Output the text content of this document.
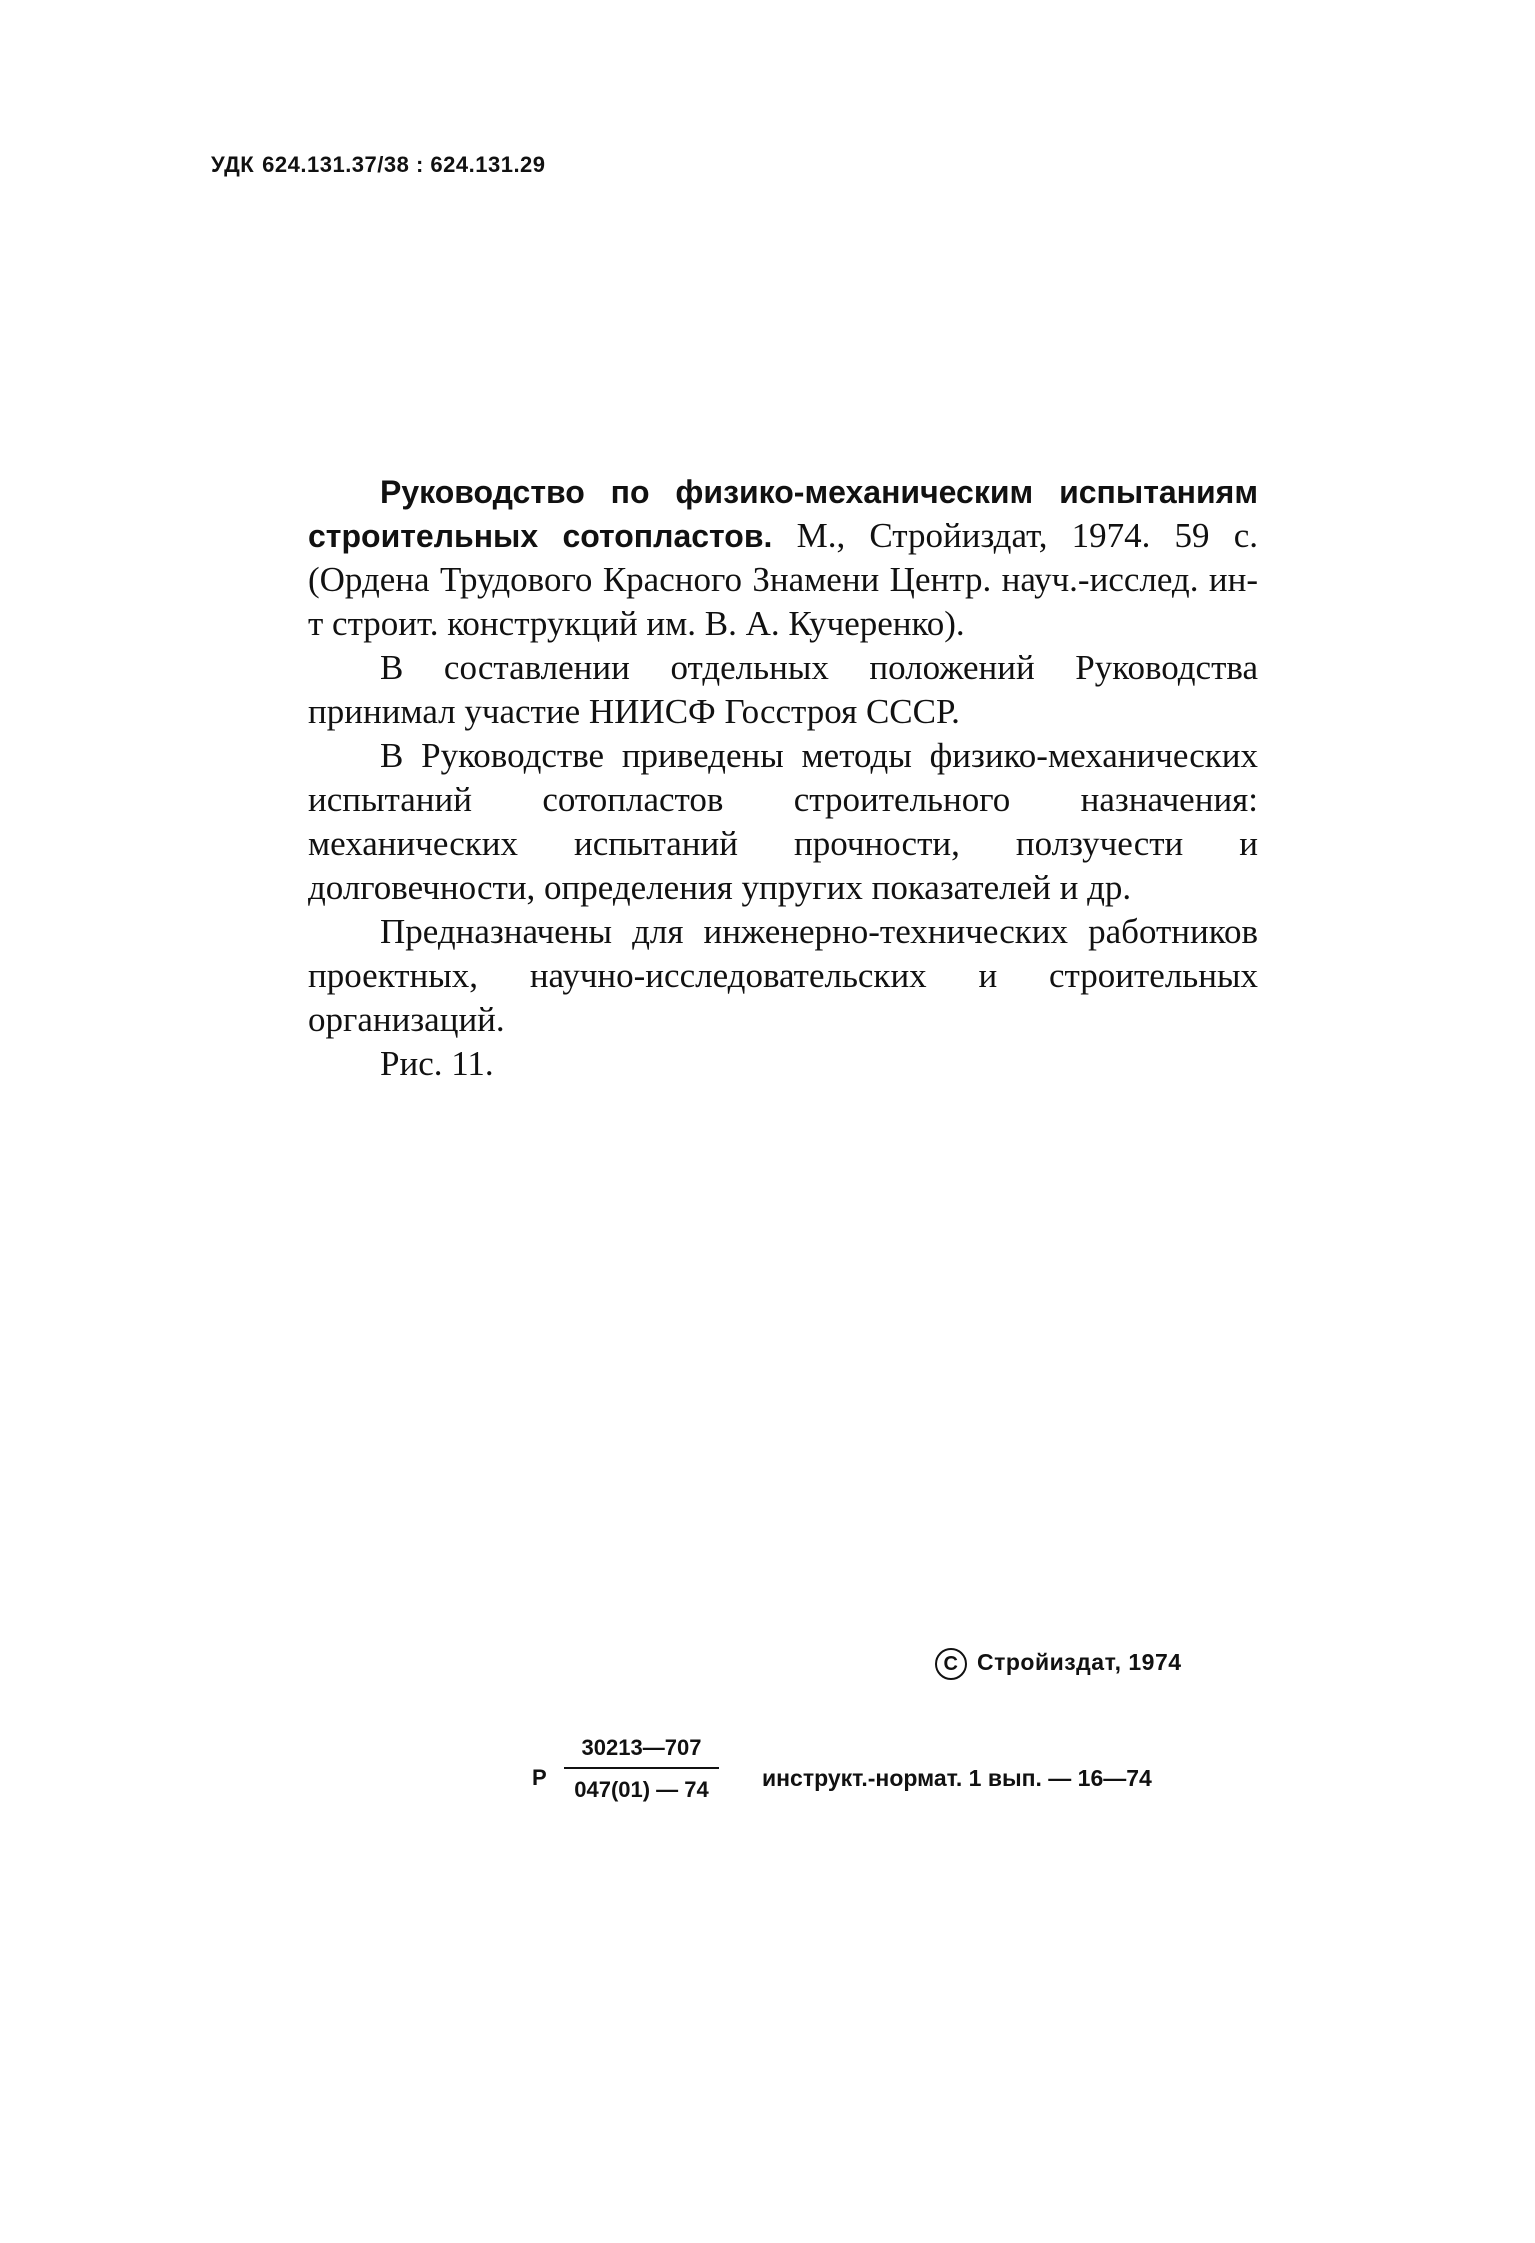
УДК 624.131.37/38 : 624.131.29

Руководство по физико-механическим испытаниям строительных сотопластов. М., Стройиздат, 1974. 59 с. (Ордена Трудового Красного Знамени Центр. науч.-исслед. ин-т строит. конструкций им. В. А. Кучеренко).

В составлении отдельных положений Руководства принимал участие НИИСФ Госстроя СССР.

В Руководстве приведены методы физико-механических испытаний сотопластов строительного назначения: механических испытаний прочности, ползучести и долговечности, определения упругих показателей и др.

Предназначены для инженерно-технических работников проектных, научно-исследовательских и строительных организаций.

Рис. 11.

C Стройиздат, 1974
Р $\frac{30213—707}{047(01) — 74}$ инструкт.-нормат. 1 вып. — 16—74
